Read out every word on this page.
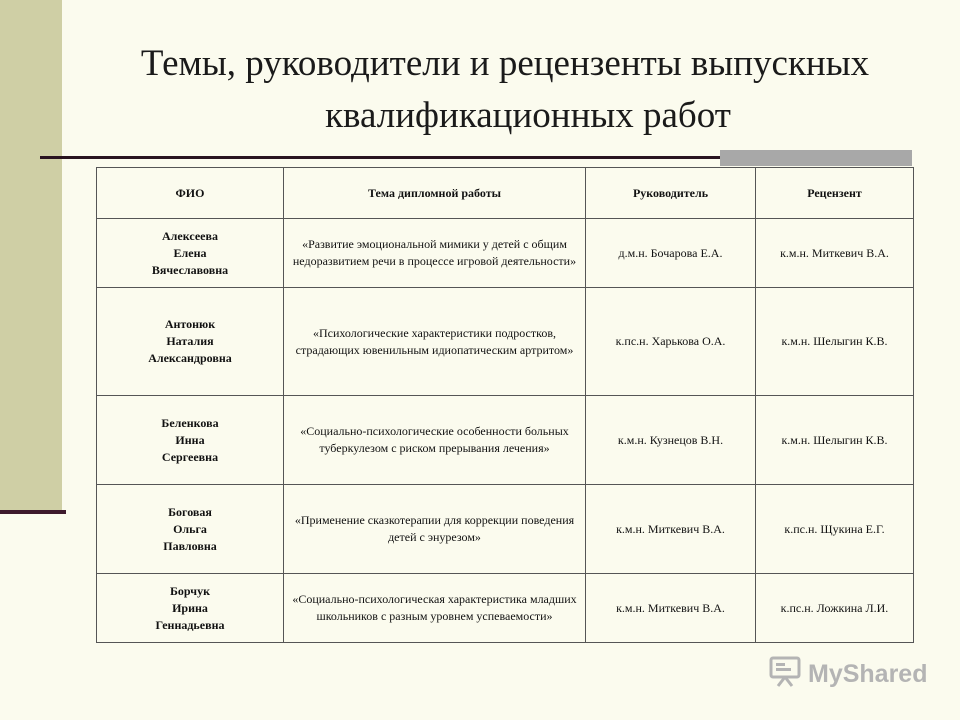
Темы, руководители и рецензенты выпускных
квалификационных работ
ФИО	Тема дипломной работы	Руководитель	Рецензент

Алексеева
Елена
Вячеславовна	«Развитие эмоциональной мимики у детей с общим недоразвитием речи в процессе игровой деятельности»	д.м.н. Бочарова Е.А.	к.м.н. Миткевич В.А.

Антонюк
Наталия
Александровна	«Психологические характеристики подростков, страдающих ювенильным идиопатическим артритом»	к.пс.н. Харькова О.А.	к.м.н. Шелыгин К.В.

Беленкова
Инна
Сергеевна	«Социально-психологические особенности больных туберкулезом с риском прерывания лечения»	к.м.н. Кузнецов В.Н.	к.м.н. Шелыгин К.В.

Боговая
Ольга
Павловна	«Применение сказкотерапии для коррекции поведения детей с энурезом»	к.м.н. Миткевич В.А.	к.пс.н. Щукина Е.Г.

Борчук
Ирина
Геннадьевна	«Социально-психологическая характеристика младших школьников с разным уровнем успеваемости»	к.м.н. Миткевич В.А.	к.пс.н. Ложкина Л.И.
MyShared
